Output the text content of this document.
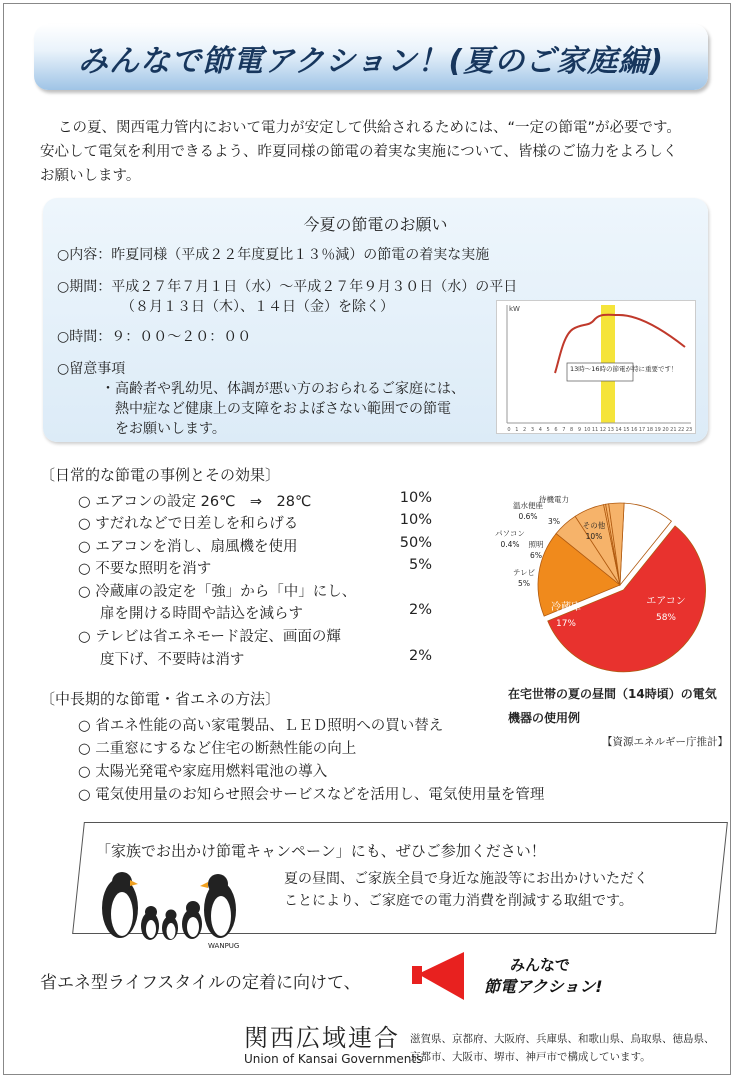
みんなで節電アクション！(夏のご家庭編)
この夏、関西電力管内において電力が安定して供給されるためには、“一定の節電”が必要です。
安心して電気を利用できるよう、昨夏同様の節電の着実な実施について、皆様のご協力をよろしく
お願いします。
今夏の節電のお願い
○内容：昨夏同様（平成２２年度夏比１３％減）の節電の着実な実施
○期間：平成２７年７月１日（水）～平成２７年９月３０日（水）の平日
（８月１３日（木）、１４日（金）を除く）
○時間：９：００～２０：００
○留意事項
・高齢者や乳幼児、体調が悪い方のおられるご家庭には、
熱中症など健康上の支障をおよぼさない範囲での節電
をお願いします。
kW
13時～16時の節電が特に重要です！
0 1 2 3 4 5 6 7 8 9 10 11 12 13 14 15 16 17 18 19 20 21 22 23
〔日常的な節電の事例とその効果〕
○ エアコンの設定 26℃　⇒　28℃	10%
○ すだれなどで日差しを和らげる	10%
○ エアコンを消し、扇風機を使用	50%
○ 不要な照明を消す	5%
○ 冷蔵庫の設定を「強」から「中」にし、
扉を開ける時間や詰込を減らす	2%
○ テレビは省エネモード設定、画面の輝
度下げ、不要時は消す	2%
エアコン
58%
冷蔵庫
17%
テレビ
5%
照明
6%
パソコン
0.4%
温水便座
0.6%
待機電力
3%	その他
10%
在宅世帯の夏の昼間（14時頃）の電気機器の使用例
【資源エネルギー庁推計】
〔中長期的な節電・省エネの方法〕
○ 省エネ性能の高い家電製品、ＬＥＤ照明への買い替え
○ 二重窓にするなど住宅の断熱性能の向上
○ 太陽光発電や家庭用燃料電池の導入
○ 電気使用量のお知らせ照会サービスなどを活用し、電気使用量を管理
「家族でお出かけ節電キャンペーン」にも、ぜひご参加ください！
夏の昼間、ご家族全員で身近な施設等にお出かけいただく
ことにより、ご家庭での電力消費を削減する取組です。
WANPUG
省エネ型ライフスタイルの定着に向けて、
みんなで
節電アクション!
関西広域連合
Union of Kansai Governments
滋賀県、京都府、大阪府、兵庫県、和歌山県、鳥取県、徳島県、
京都市、大阪市、堺市、神戸市で構成しています。
